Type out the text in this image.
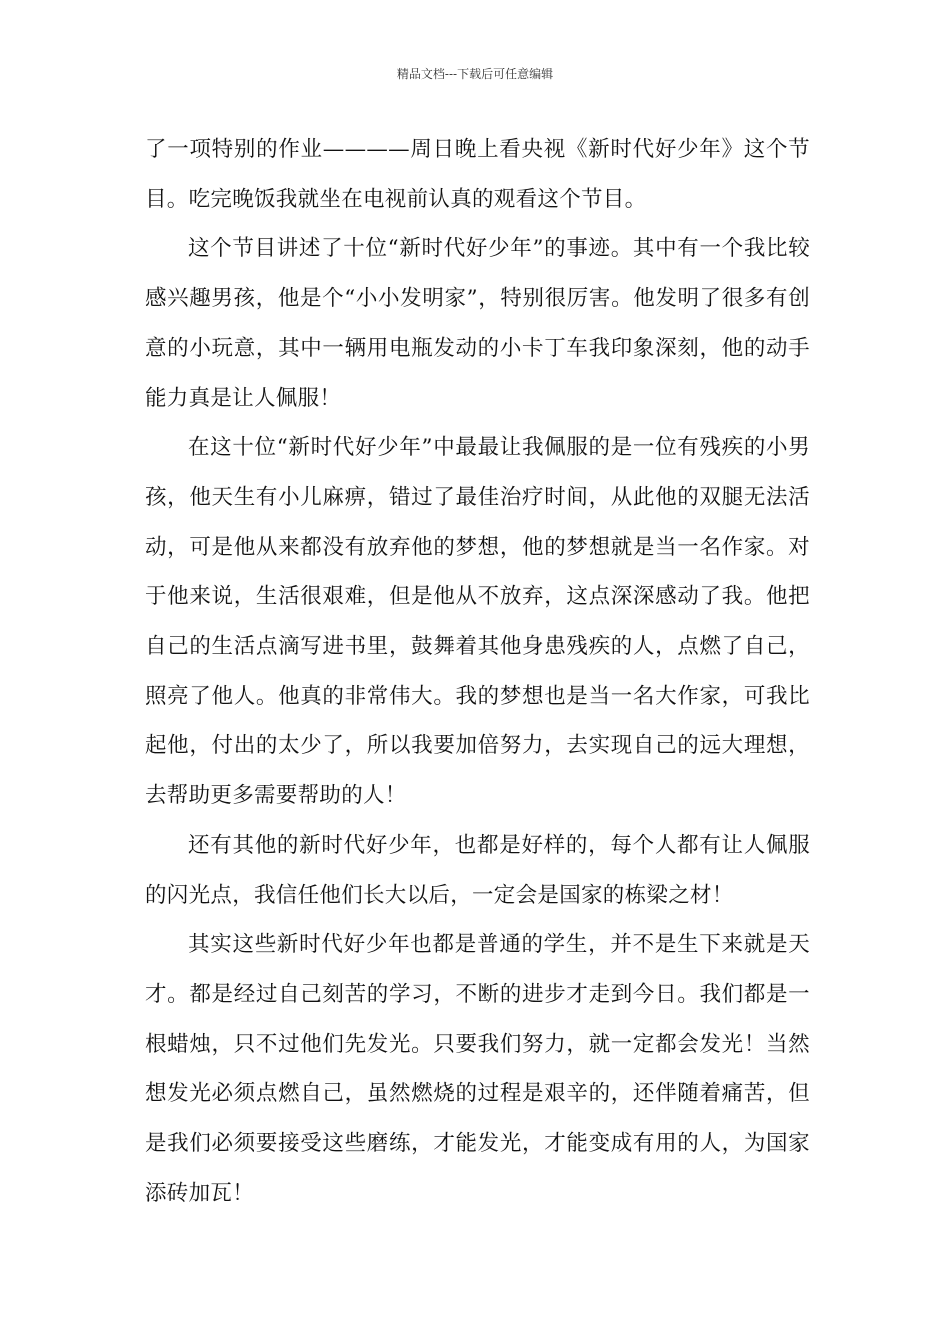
精品文档---下载后可任意编辑

了一项特别的作业————周日晚上看央视《新时代好少年》这个节目。吃完晚饭我就坐在电视前认真的观看这个节目。

这个节目讲述了十位“新时代好少年”的事迹。其中有一个我比较感兴趣男孩，他是个“小小发明家”，特别很厉害。他发明了很多有创意的小玩意，其中一辆用电瓶发动的小卡丁车我印象深刻，他的动手能力真是让人佩服！

在这十位“新时代好少年”中最最让我佩服的是一位有残疾的小男孩，他天生有小儿麻痹，错过了最佳治疗时间，从此他的双腿无法活动，可是他从来都没有放弃他的梦想，他的梦想就是当一名作家。对于他来说，生活很艰难，但是他从不放弃，这点深深感动了我。他把自己的生活点滴写进书里，鼓舞着其他身患残疾的人，点燃了自己，照亮了他人。他真的非常伟大。我的梦想也是当一名大作家，可我比起他，付出的太少了，所以我要加倍努力，去实现自己的远大理想，去帮助更多需要帮助的人！

还有其他的新时代好少年，也都是好样的，每个人都有让人佩服的闪光点，我信任他们长大以后，一定会是国家的栋梁之材！

其实这些新时代好少年也都是普通的学生，并不是生下来就是天才。都是经过自己刻苦的学习，不断的进步才走到今日。我们都是一根蜡烛，只不过他们先发光。只要我们努力，就一定都会发光！当然想发光必须点燃自己，虽然燃烧的过程是艰辛的，还伴随着痛苦，但是我们必须要接受这些磨练，才能发光，才能变成有用的人，为国家添砖加瓦！
